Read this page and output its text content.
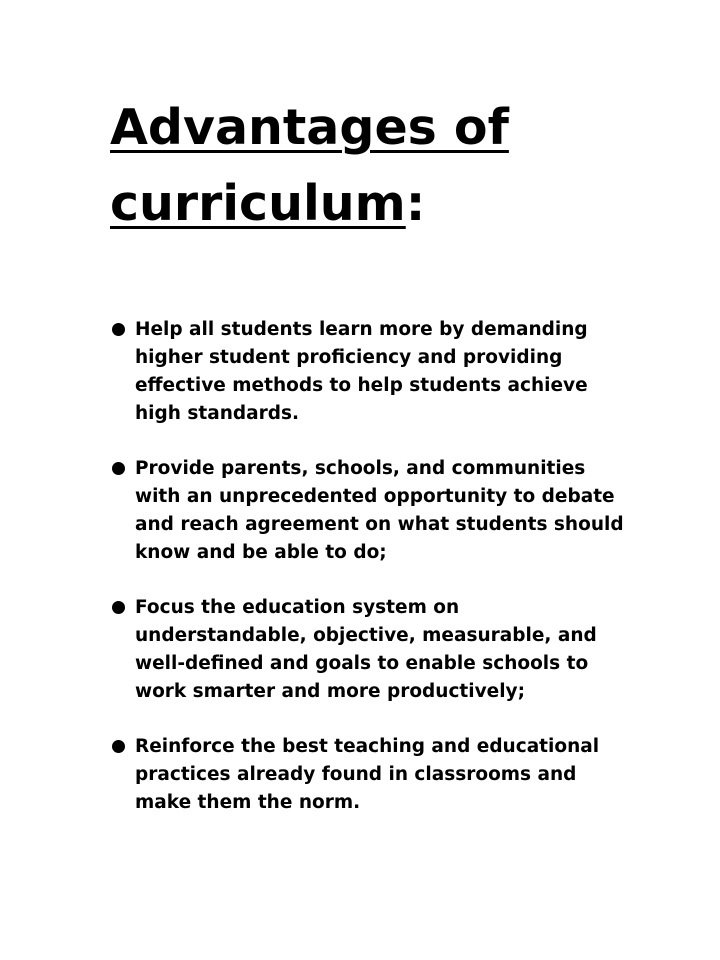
Advantages of
curriculum:
Help all students learn more by demanding higher student proficiency and providing effective methods to help students achieve high standards.
Provide parents, schools, and communities with an unprecedented opportunity to debate and reach agreement on what students should know and be able to do;
Focus the education system on understandable, objective, measurable, and well-defined and goals to enable schools to work smarter and more productively;
Reinforce the best teaching and educational practices already found in classrooms and make them the norm.
